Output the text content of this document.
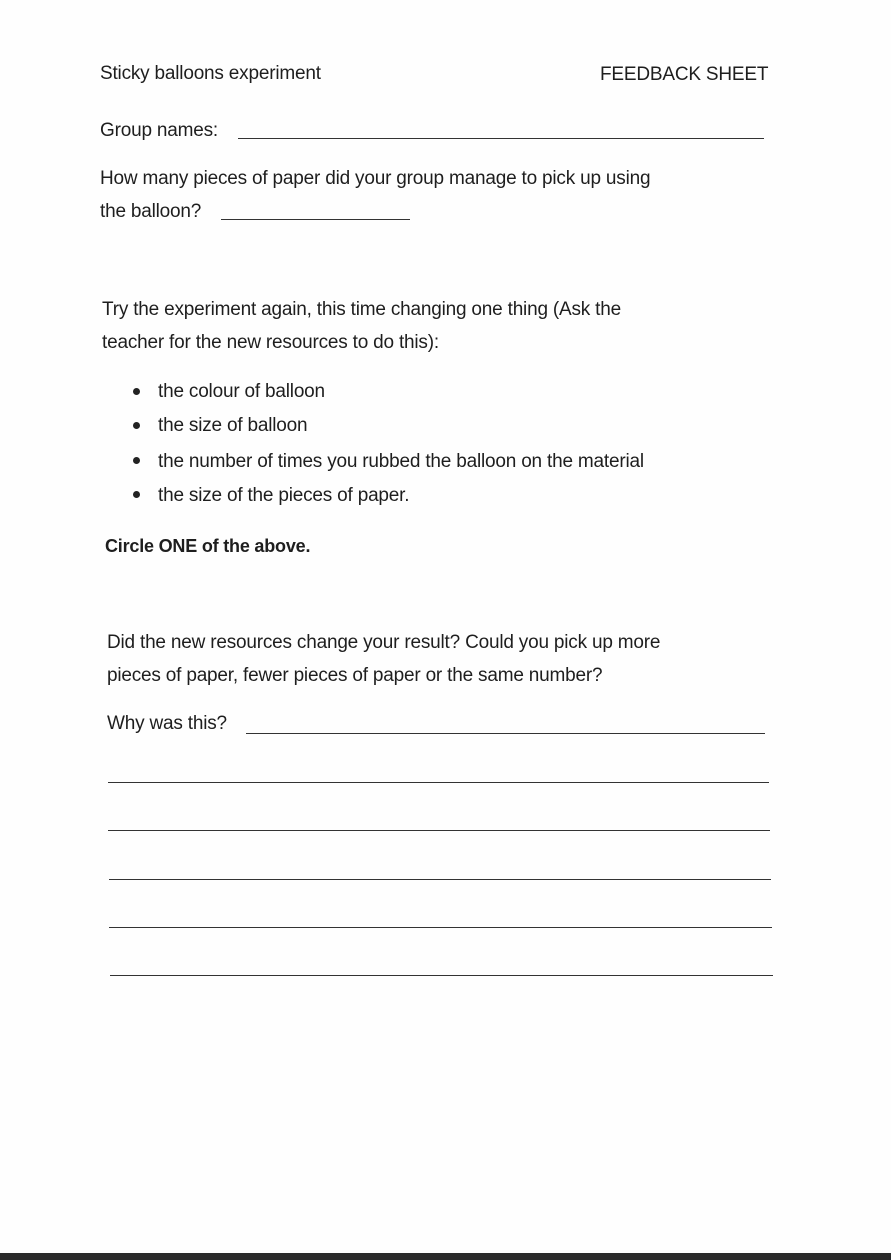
Sticky balloons experiment	FEEDBACK SHEET
Group names:
How many pieces of paper did your group manage to pick up using
the balloon?
Try the experiment again, this time changing one thing (Ask the
teacher for the new resources to do this):
the colour of balloon
the size of balloon
the number of times you rubbed the balloon on the material
the size of the pieces of paper.
Circle ONE of the above.
Did the new resources change your result? Could you pick up more
pieces of paper, fewer pieces of paper or the same number?
Why was this?
